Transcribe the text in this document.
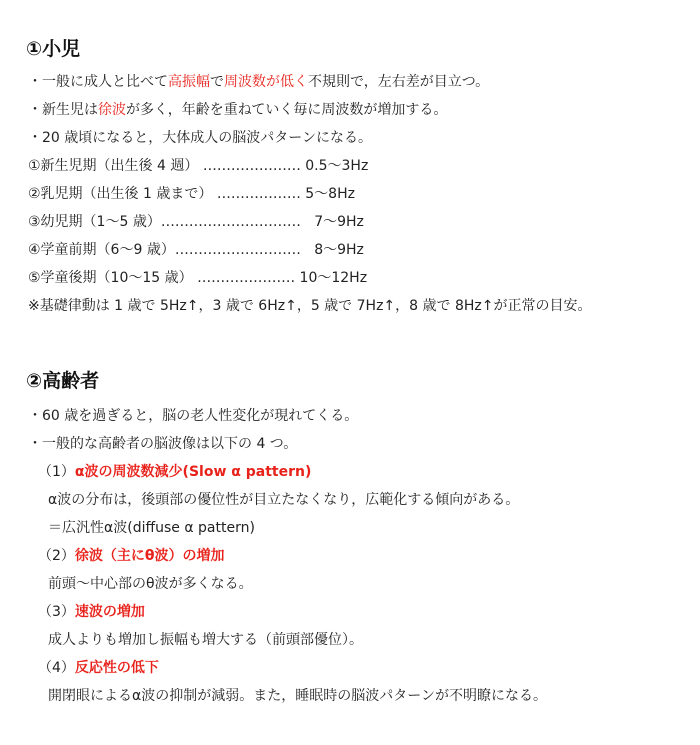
①小児
・一般に成人と比べて高振幅で周波数が低く不規則で，左右差が目立つ。
・新生児は徐波が多く，年齢を重ねていく毎に周波数が増加する。
・20 歳頃になると，大体成人の脳波パターンになる。
①新生児期（出生後 4 週） ………………… 0.5～3Hz
②乳児期（出生後 1 歳まで） ……………… 5～8Hz
③幼児期（1～5 歳）………………………… 7～9Hz
④学童前期（6～9 歳）……………………… 8～9Hz
⑤学童後期（10～15 歳） ………………… 10～12Hz
※基礎律動は 1 歳で 5Hz↑，3 歳で 6Hz↑，5 歳で 7Hz↑，8 歳で 8Hz↑が正常の目安。
②高齢者
・60 歳を過ぎると，脳の老人性変化が現れてくる。
・一般的な高齢者の脳波像は以下の 4 つ。
（1）α波の周波数減少(Slow α pattern)
α波の分布は，後頭部の優位性が目立たなくなり，広範化する傾向がある。
＝広汎性α波(diffuse α pattern)
（2）徐波（主にθ波）の増加
前頭～中心部のθ波が多くなる。
（3）速波の増加
成人よりも増加し振幅も増大する（前頭部優位）。
（4）反応性の低下
開閉眼によるα波の抑制が減弱。また，睡眠時の脳波パターンが不明瞭になる。
